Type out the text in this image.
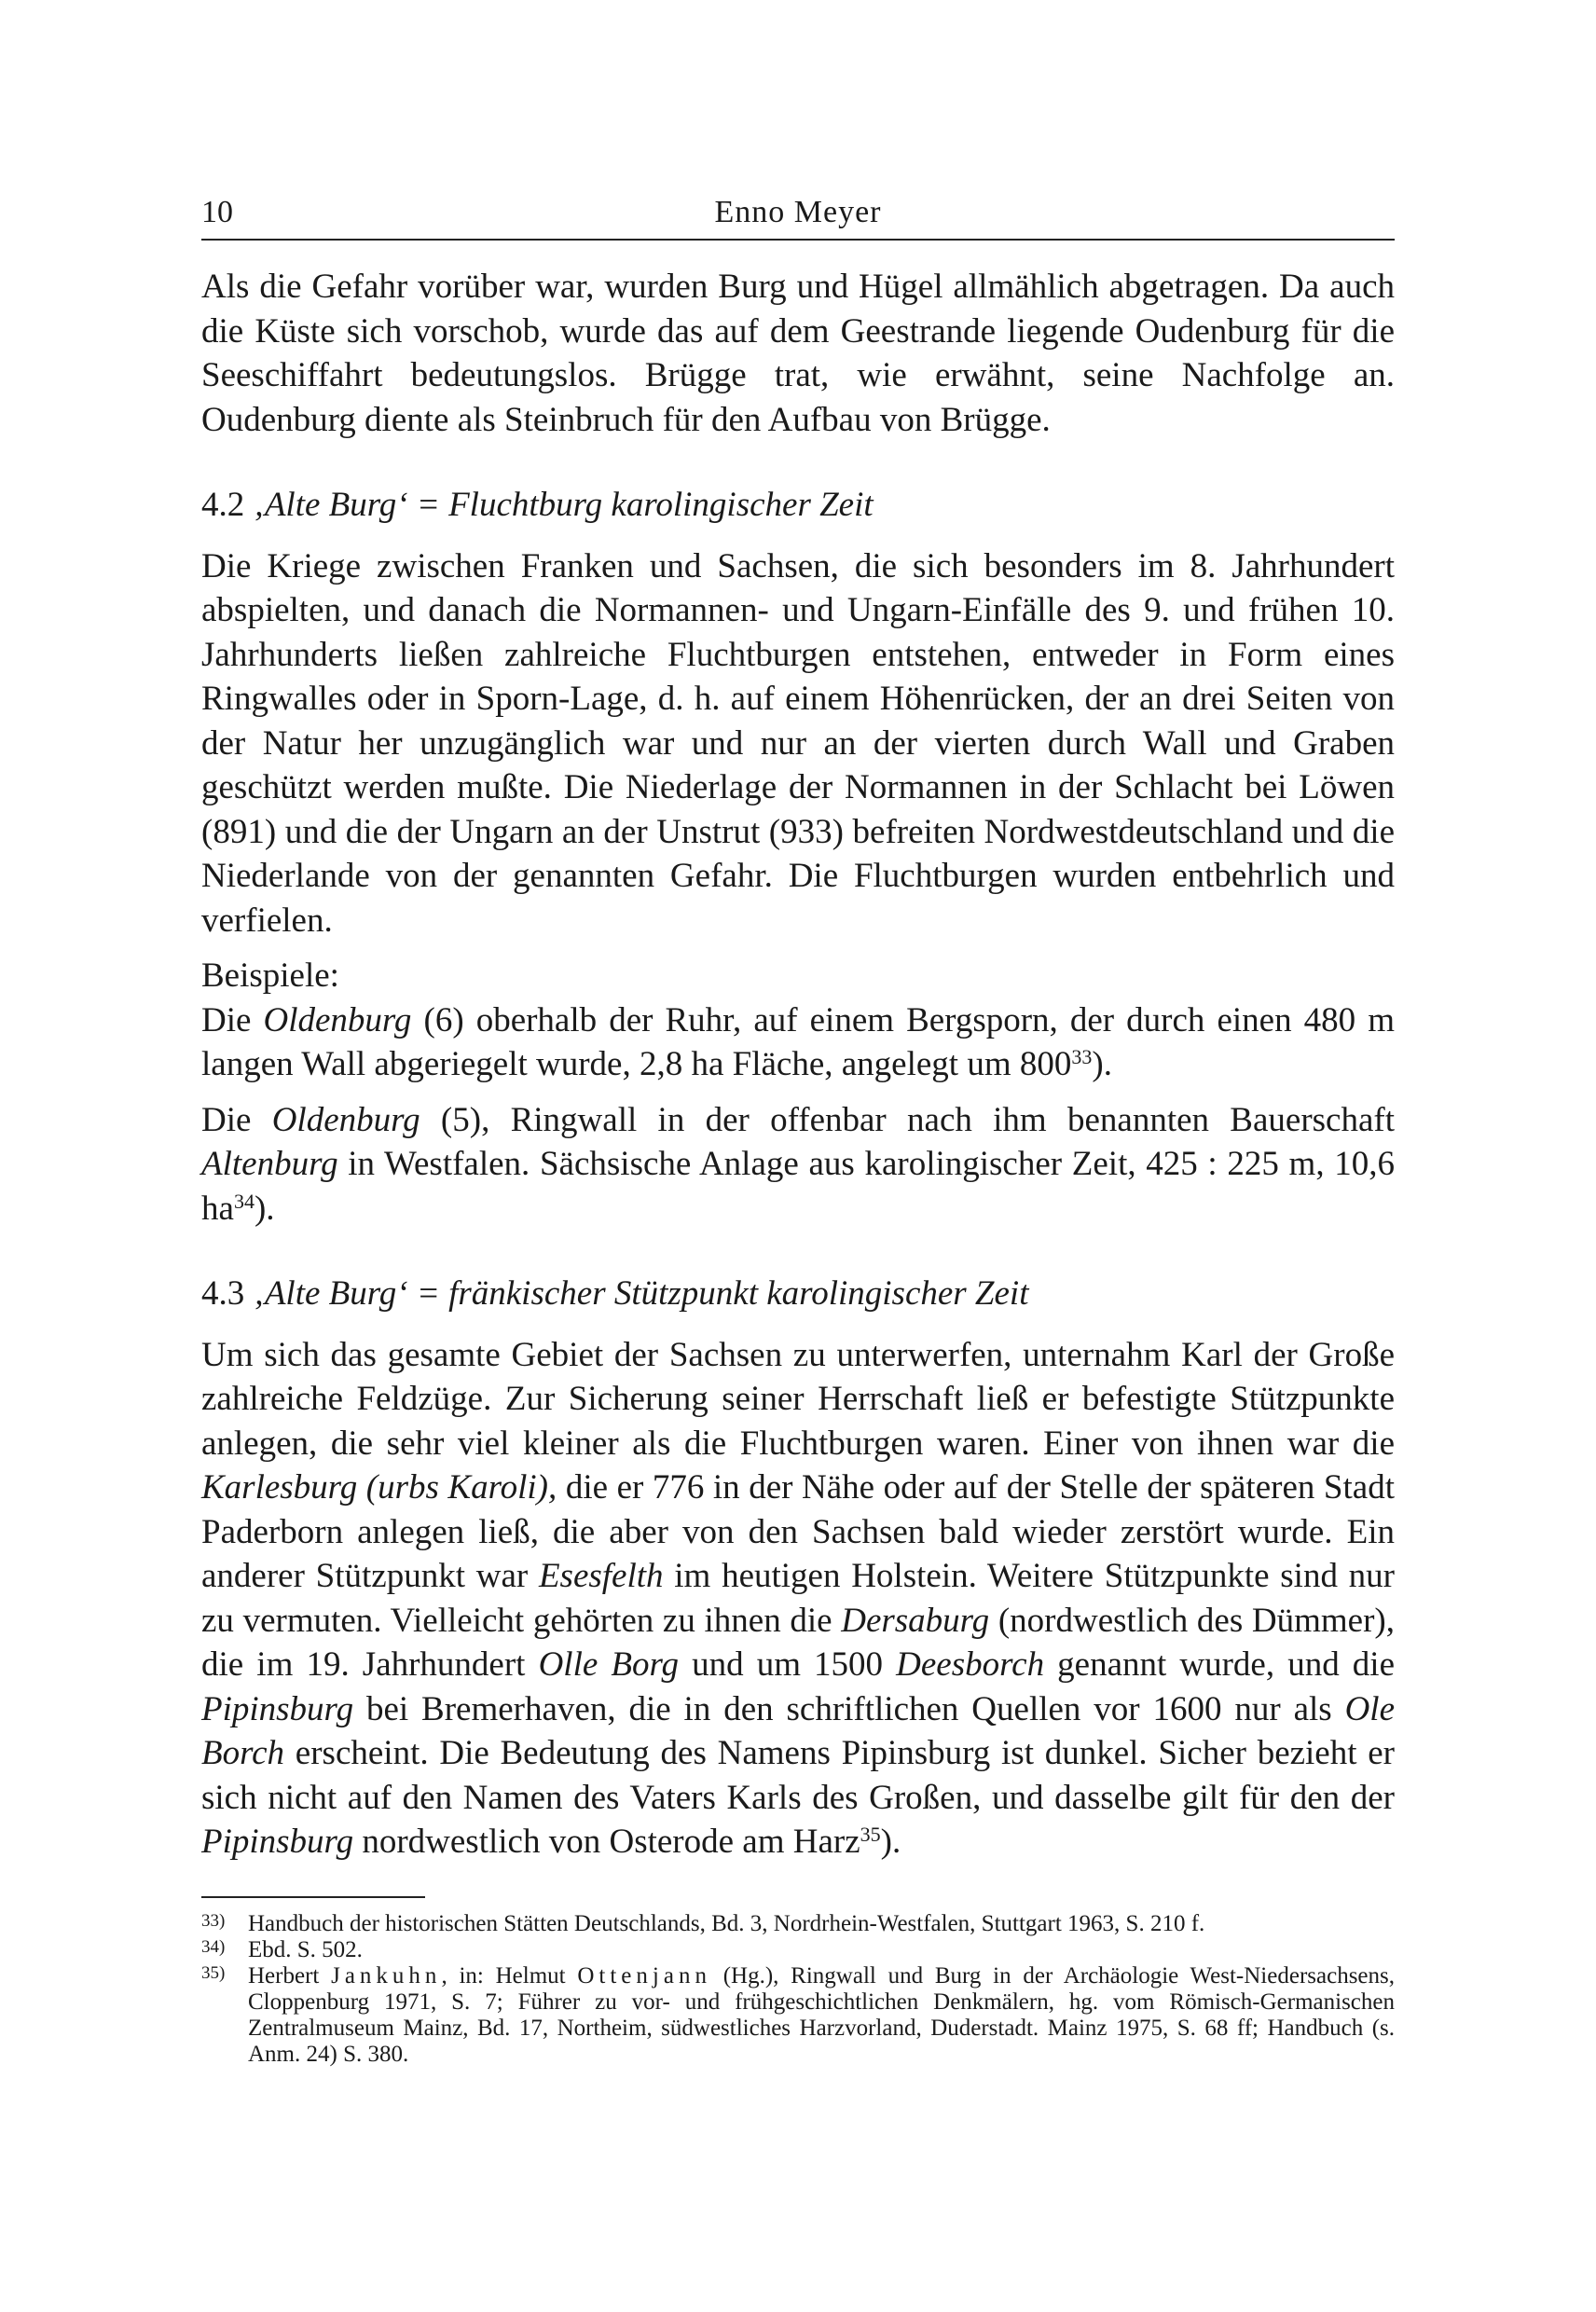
10	Enno Meyer

Als die Gefahr vorüber war, wurden Burg und Hügel allmählich abgetragen. Da auch die Küste sich vorschob, wurde das auf dem Geestrande liegende Oudenburg für die Seeschiffahrt bedeutungslos. Brügge trat, wie erwähnt, seine Nachfolge an. Oudenburg diente als Steinbruch für den Aufbau von Brügge.

4.2 ‚Alte Burg‘ = Fluchtburg karolingischer Zeit

Die Kriege zwischen Franken und Sachsen, die sich besonders im 8. Jahrhundert abspielten, und danach die Normannen- und Ungarn-Einfälle des 9. und frühen 10. Jahrhunderts ließen zahlreiche Fluchtburgen entstehen, entweder in Form eines Ringwalles oder in Sporn-Lage, d. h. auf einem Höhenrücken, der an drei Seiten von der Natur her unzugänglich war und nur an der vierten durch Wall und Graben geschützt werden mußte. Die Niederlage der Normannen in der Schlacht bei Löwen (891) und die der Ungarn an der Unstrut (933) befreiten Nordwestdeutschland und die Niederlande von der genannten Gefahr. Die Fluchtburgen wurden entbehrlich und verfielen.

Beispiele:

Die Oldenburg (6) oberhalb der Ruhr, auf einem Bergsporn, der durch einen 480 m langen Wall abgeriegelt wurde, 2,8 ha Fläche, angelegt um $800^{33}$).

Die Oldenburg (5), Ringwall in der offenbar nach ihm benannten Bauerschaft Altenburg in Westfalen. Sächsische Anlage aus karolingischer Zeit, 425 : 225 m, 10,6 $ha^{34}$).

4.3 ‚Alte Burg‘ = fränkischer Stützpunkt karolingischer Zeit

Um sich das gesamte Gebiet der Sachsen zu unterwerfen, unternahm Karl der Große zahlreiche Feldzüge. Zur Sicherung seiner Herrschaft ließ er befestigte Stützpunkte anlegen, die sehr viel kleiner als die Fluchtburgen waren. Einer von ihnen war die Karlesburg (urbs Karoli), die er 776 in der Nähe oder auf der Stelle der späteren Stadt Paderborn anlegen ließ, die aber von den Sachsen bald wieder zerstört wurde. Ein anderer Stützpunkt war Esesfelth im heutigen Holstein. Weitere Stützpunkte sind nur zu vermuten. Vielleicht gehörten zu ihnen die Dersaburg (nordwestlich des Dümmer), die im 19. Jahrhundert Olle Borg und um 1500 Deesborch genannt wurde, und die Pipinsburg bei Bremerhaven, die in den schriftlichen Quellen vor 1600 nur als Ole Borch erscheint. Die Bedeutung des Namens Pipinsburg ist dunkel. Sicher bezieht er sich nicht auf den Namen des Vaters Karls des Großen, und dasselbe gilt für den der Pipinsburg nordwestlich von Osterode am Harz$^{35}$).

33) Handbuch der historischen Stätten Deutschlands, Bd. 3, Nordrhein-Westfalen, Stuttgart 1963, S. 210 f.

34) Ebd. S. 502.

35) Herbert Jankuhn, in: Helmut Ottenjann (Hg.), Ringwall und Burg in der Archäologie West-Niedersachsens, Cloppenburg 1971, S. 7; Führer zu vor- und frühgeschichtlichen Denkmälern, hg. vom Römisch-Germanischen Zentralmuseum Mainz, Bd. 17, Northeim, südwestliches Harzvorland, Duderstadt. Mainz 1975, S. 68 ff; Handbuch (s. Anm. 24) S. 380.
